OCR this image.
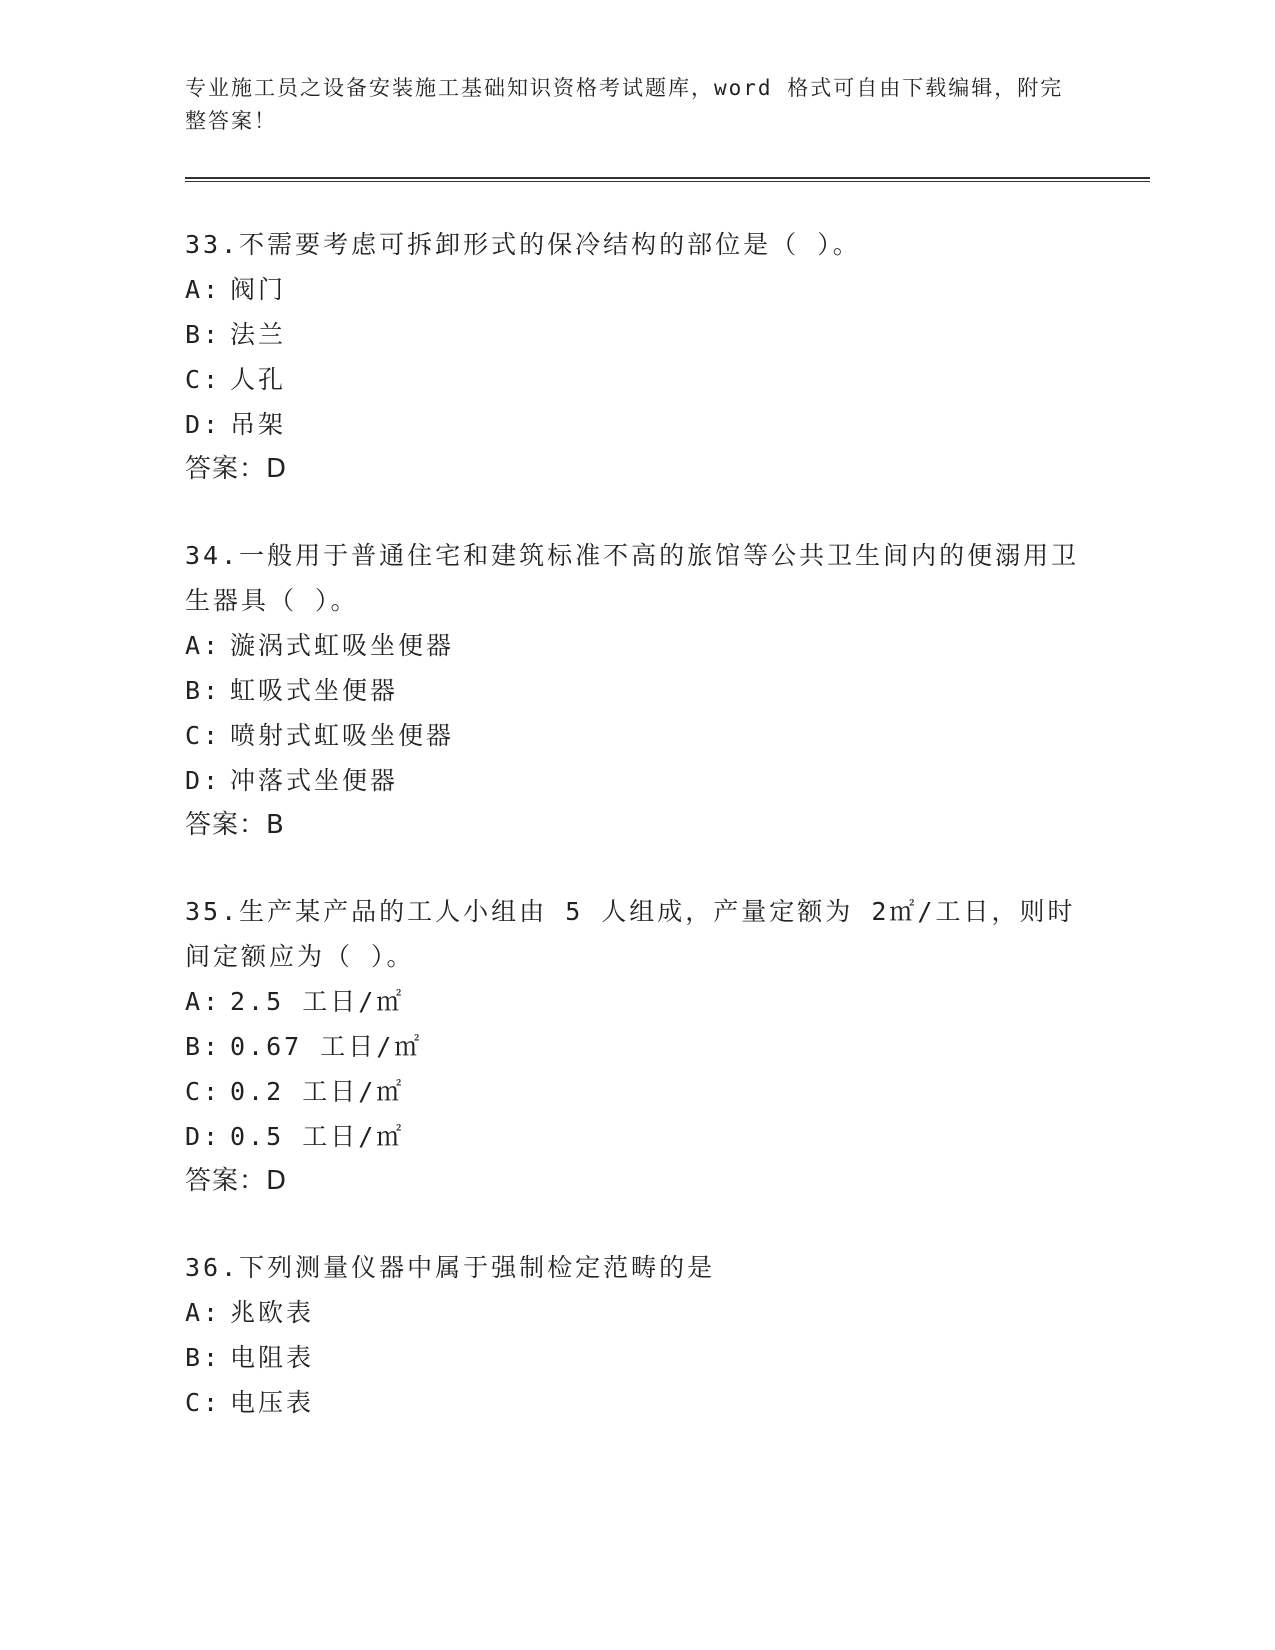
专业施工员之设备安装施工基础知识资格考试题库，word 格式可自由下载编辑，附完整答案！
33.不需要考虑可拆卸形式的保冷结构的部位是（ ）。
A: 阀门
B: 法兰
C: 人孔
D: 吊架
答案：D
34.一般用于普通住宅和建筑标准不高的旅馆等公共卫生间内的便溺用卫生器具（ ）。
A: 漩涡式虹吸坐便器
B: 虹吸式坐便器
C: 喷射式虹吸坐便器
D: 冲落式坐便器
答案：B
35.生产某产品的工人小组由 5 人组成，产量定额为 2㎡/工日，则时间定额应为（ ）。
A: 2.5 工日/㎡
B: 0.67 工日/㎡
C: 0.2 工日/㎡
D: 0.5 工日/㎡
答案：D
36.下列测量仪器中属于强制检定范畴的是
A: 兆欧表
B: 电阻表
C: 电压表
